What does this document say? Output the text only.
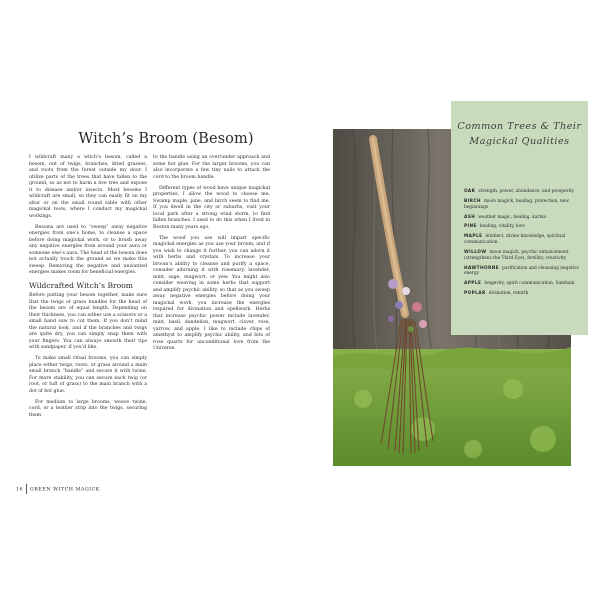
Witch’s Broom (Besom)

I wildcraft many a witch’s besom, called a besom, out of twigs, branches, dried grasses, and roots from the forest outside my door. I utilize parts of the trees that have fallen to the ground, so as not to harm a live tree and expose it to disease and/or insects. Most besoms I wildcraft are small, so they can easily fit on my altar or on the small round table with other magickal tools, where I conduct my magickal workings.

Besoms are used to “sweep” away negative energies from one’s home, to cleanse a space before doing magickal work, or to brush away any negative energies from around your aura or someone else’s aura. The head of the besom does not actually touch the ground as we make this sweep. Removing the negative and unwanted energies makes room for beneficial energies.

Wildcrafted Witch’s Broom

Before putting your besom together, make sure that the twigs or grass bundles for the head of the besom are of equal length. Depending on their thickness, you can either use a scissors or a small hand saw to cut them. If you don’t mind the natural look, and if the branches and twigs are quite dry, you can simply snap them with your fingers. You can always smooth their tips with sandpaper, if you’d like.

To make small ritual brooms, you can simply place either twigs, roots, or grass around a main small branch “handle” and secure it with twine. For more stability, you can secure each twig (or root, or tuft of grass) to the main branch with a dot of hot glue.

For medium to large brooms, weave twine, cord, or a leather strip into the twigs, securing them

to the handle using an over/under approach and some hot glue. For the larger brooms, you can also incorporate a few tiny nails to attach the cord to the broom handle.

Different types of wood have unique magickal properties. I allow the wood to choose me. Swamp maple, pine, and birch seem to find me. If you dwell in the city or suburbs, visit your local park after a strong wind storm, to find fallen branches. I used to do this when I lived in Boston many years ago.

The wood you use will impart specific magickal energies as you use your broom, and if you wish to change it further, you can adorn it with herbs and crystals. To increase your broom’s ability to cleanse and purify a space, consider adorning it with rosemary, lavender, mint, sage, mugwort, or yew. You might also consider weaving in some herbs that support and amplify psychic ability, so that as you sweep away negative energies before doing your magickal work, you increase the energies required for divination and spellwork. Herbs that increase psychic power include lavender, mint, basil, dandelion, mugwort, clover, rose, yarrow, and apple. I like to include chips of amethyst to amplify psychic ability, and bits of rose quartz for unconditional love from the Universe.

16 GREEN WITCH MAGICK
Common Trees & Their Magickal Qualities
OAK strength, power, abundance, and prosperity
BIRCH moon magick, healing, protection, new beginnings
ASH weather magic, healing, karma
PINE healing, vitality, love
MAPLE intellect, divine knowledge, spiritual communication
WILLOW moon magick, psychic enhancement (strengthens the Third Eye), fertility, creativity
HAWTHORNE purification and cleansing negative energy
APPLE longevity, spirit communication, Samhain
POPLAR divination, rebirth
